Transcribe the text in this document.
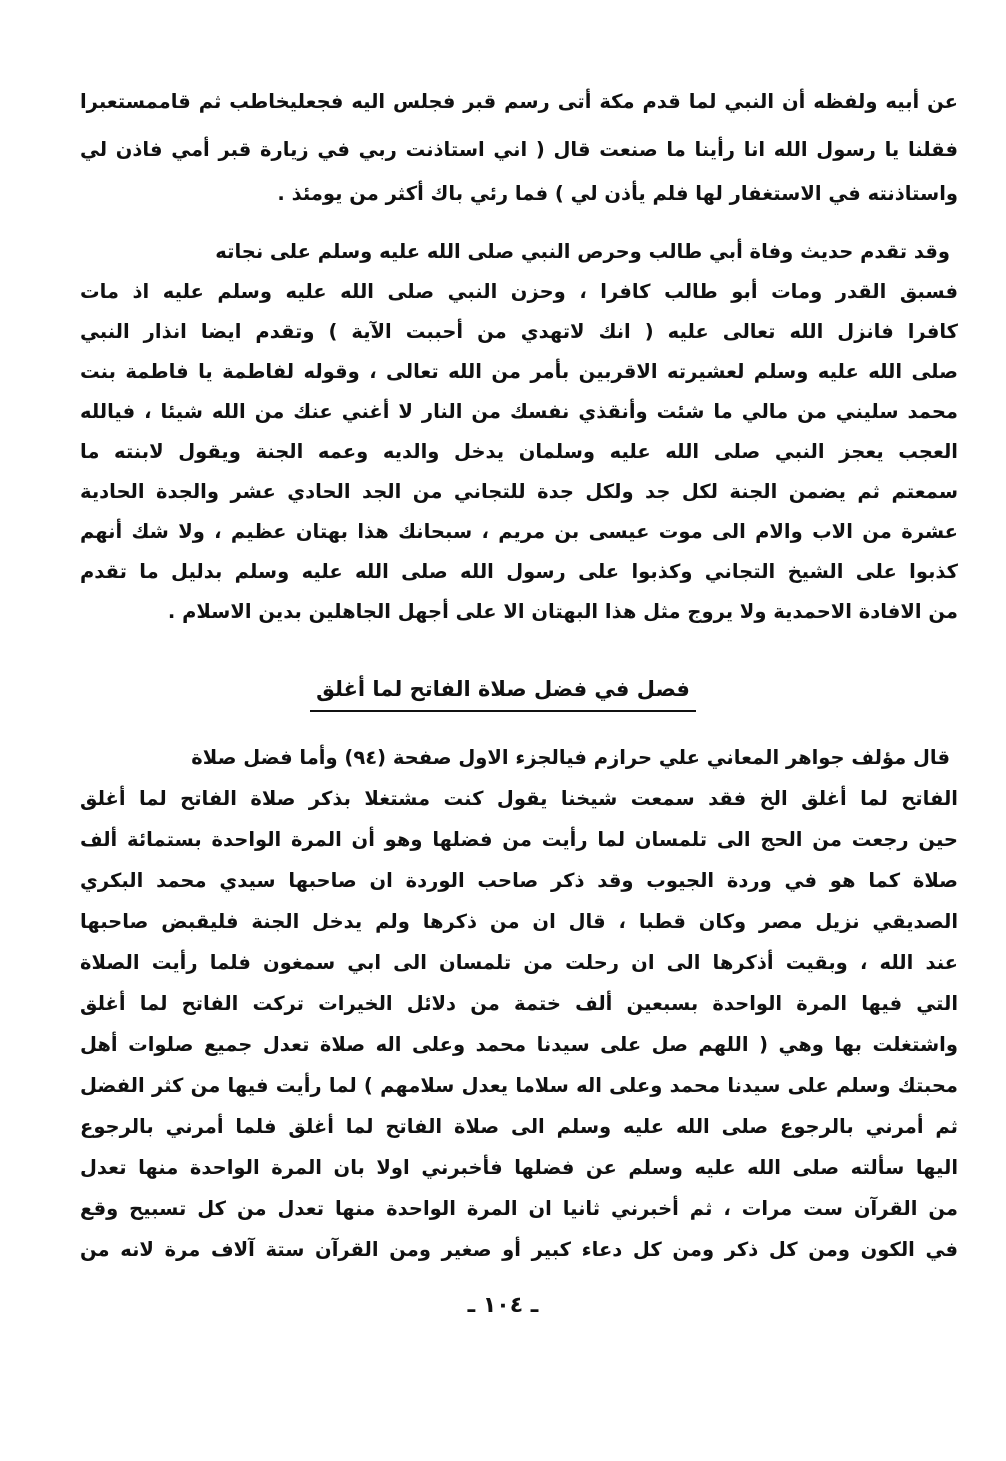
عن أبيه ولفظه أن النبي لما قدم مكة أتى رسم قبر فجلس اليه فجعليخاطب ثم قاممستعبرا
فقلنا يا رسول الله انا رأينا ما صنعت قال ( اني استاذنت ربي في زيارة قبر أمي فاذن لي
واستاذنته في الاستغفار لها فلم يأذن لي ) فما رئي باك أكثر من يومئذ .
وقد تقدم حديث وفاة أبي طالب وحرص النبي صلى الله عليه وسلم على نجاته
فسبق القدر ومات أبو طالب كافرا ، وحزن النبي صلى الله عليه وسلم عليه اذ مات
كافرا فانزل الله تعالى عليه ( انك لاتهدي من أحببت الآية ) وتقدم ايضا انذار النبي
صلى الله عليه وسلم لعشيرته الاقربين بأمر من الله تعالى ، وقوله لفاطمة يا فاطمة بنت
محمد سليني من مالي ما شئت وأنقذي نفسك من النار لا أغني عنك من الله شيئا ، فيالله
العجب يعجز النبي صلى الله عليه وسلمان يدخل والديه وعمه الجنة ويقول لابنته ما
سمعتم ثم يضمن الجنة لكل جد ولكل جدة للتجاني من الجد الحادي عشر والجدة الحادية
عشرة من الاب والام الى موت عيسى بن مريم ، سبحانك هذا بهتان عظيم ، ولا شك أنهم
كذبوا على الشيخ التجاني وكذبوا على رسول الله صلى الله عليه وسلم بدليل ما تقدم
من الافادة الاحمدية ولا يروج مثل هذا البهتان الا على أجهل الجاهلين بدين الاسلام .
فصل في فضل صلاة الفاتح لما أغلق
قال مؤلف جواهر المعاني علي حرازم فيالجزء الاول صفحة (٩٤) وأما فضل صلاة
الفاتح لما أغلق الخ فقد سمعت شيخنا يقول كنت مشتغلا بذكر صلاة الفاتح لما أغلق
حين رجعت من الحج الى تلمسان لما رأيت من فضلها وهو أن المرة الواحدة بستمائة ألف
صلاة كما هو في وردة الجيوب وقد ذكر صاحب الوردة ان صاحبها سيدي محمد البكري
الصديقي نزيل مصر وكان قطبا ، قال ان من ذكرها ولم يدخل الجنة فليقبض صاحبها
عند الله ، وبقيت أذكرها الى ان رحلت من تلمسان الى ابي سمغون فلما رأيت الصلاة
التي فيها المرة الواحدة بسبعين ألف ختمة من دلائل الخيرات تركت الفاتح لما أغلق
واشتغلت بها وهي ( اللهم صل على سيدنا محمد وعلى اله صلاة تعدل جميع صلوات أهل
محبتك وسلم على سيدنا محمد وعلى اله سلاما يعدل سلامهم ) لما رأيت فيها من كثر الفضل
ثم أمرني بالرجوع صلى الله عليه وسلم الى صلاة الفاتح لما أغلق فلما أمرني بالرجوع
اليها سألته صلى الله عليه وسلم عن فضلها فأخبرني اولا بان المرة الواحدة منها تعدل
من القرآن ست مرات ، ثم أخبرني ثانيا ان المرة الواحدة منها تعدل من كل تسبيح وقع
في الكون ومن كل ذكر ومن كل دعاء كبير أو صغير ومن القرآن ستة آلاف مرة لانه من
ـ ١٠٤ ـ
